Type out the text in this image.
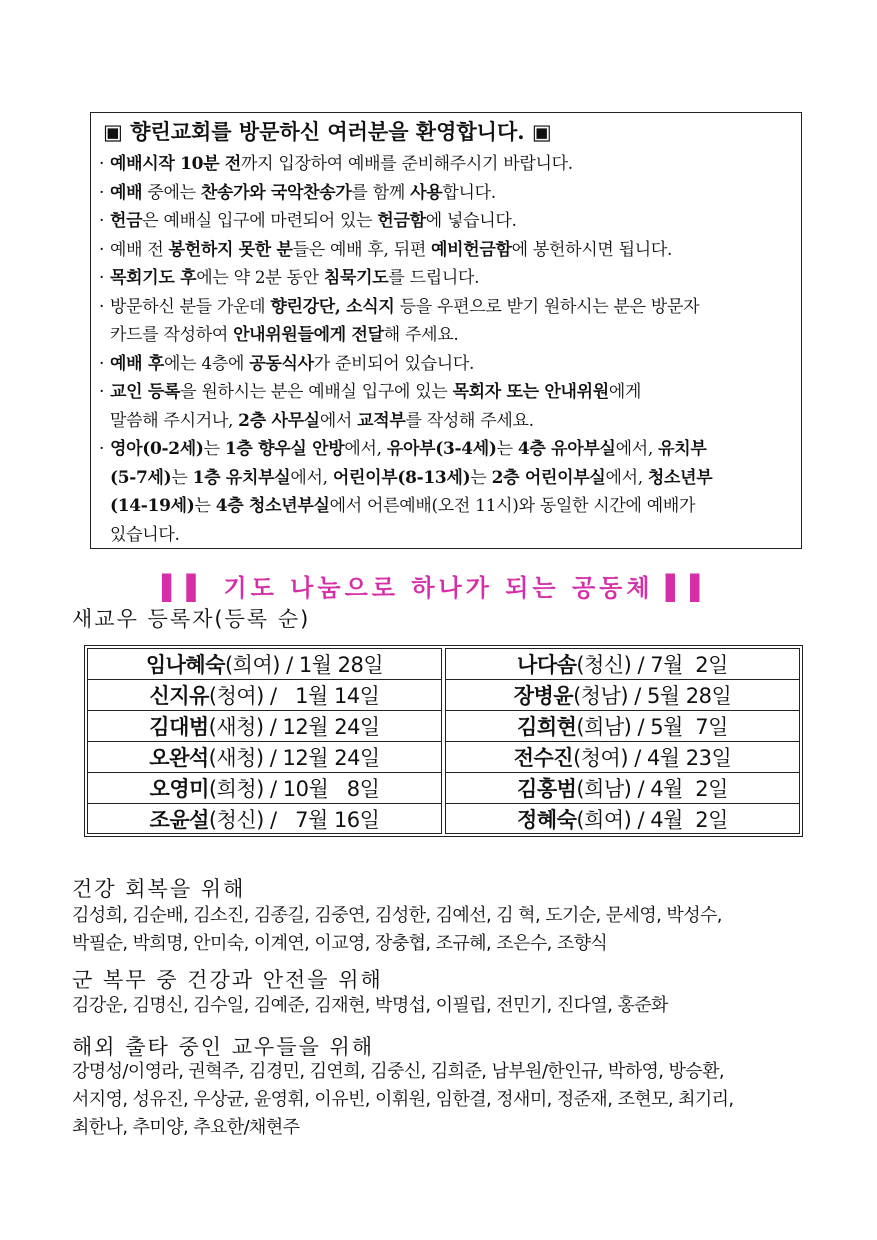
▣ 향린교회를 방문하신 여러분을 환영합니다. ▣
· 예배시작 10분 전까지 입장하여 예배를 준비해주시기 바랍니다.
· 예배 중에는 찬송가와 국악찬송가를 함께 사용합니다.
· 헌금은 예배실 입구에 마련되어 있는 헌금함에 넣습니다.
· 예배 전 봉헌하지 못한 분들은 예배 후, 뒤편 예비헌금함에 봉헌하시면 됩니다.
· 목회기도 후에는 약 2분 동안 침묵기도를 드립니다.
· 방문하신 분들 가운데 향린강단, 소식지 등을 우편으로 받기 원하시는 분은 방문자
카드를 작성하여 안내위원들에게 전달해 주세요.
· 예배 후에는 4층에 공동식사가 준비되어 있습니다.
· 교인 등록을 원하시는 분은 예배실 입구에 있는 목회자 또는 안내위원에게
말씀해 주시거나, 2층 사무실에서 교적부를 작성해 주세요.
· 영아(0-2세)는 1층 향우실 안방에서, 유아부(3-4세)는 4층 유아부실에서, 유치부
(5-7세)는 1층 유치부실에서, 어린이부(8-13세)는 2층 어린이부실에서, 청소년부
(14-19세)는 4층 청소년부실에서 어른예배(오전 11시)와 동일한 시간에 예배가
있습니다.
▌▌ 기도 나눔으로 하나가 되는 공동체 ▌▌
새교우 등록자(등록 순)
임나혜숙 (희여) / 1월 28일
신지유 (청여) /   1월 14일
김대범 (새청) / 12월 24일
오완석 (새청) / 12월 24일
오영미 (희청) / 10월   8일
조윤설 (청신) /   7월 16일
나다솜 (청신) / 7월  2일
장병윤 (청남) / 5월 28일
김희현 (희남) / 5월  7일
전수진 (청여) / 4월 23일
김홍범 (희남) / 4월  2일
정혜숙 (희여) / 4월  2일
건강 회복을 위해
김성희, 김순배, 김소진, 김종길, 김중연, 김성한, 김예선, 김 혁, 도기순, 문세영, 박성수,
박필순, 박희명, 안미숙, 이계연, 이교영, 장충협, 조규혜, 조은수, 조향식
군 복무 중 건강과 안전을 위해
김강운, 김명신, 김수일, 김예준, 김재현, 박명섭, 이필립, 전민기, 진다열, 홍준화
해외 출타 중인 교우들을 위해
강명성/이영라, 권혁주, 김경민, 김연희, 김중신, 김희준, 남부원/한인규, 박하영, 방승환,
서지영, 성유진, 우상균, 윤영휘, 이유빈, 이휘원, 임한결, 정새미, 정준재, 조현모, 최기리,
최한나, 추미양, 추요한/채현주
